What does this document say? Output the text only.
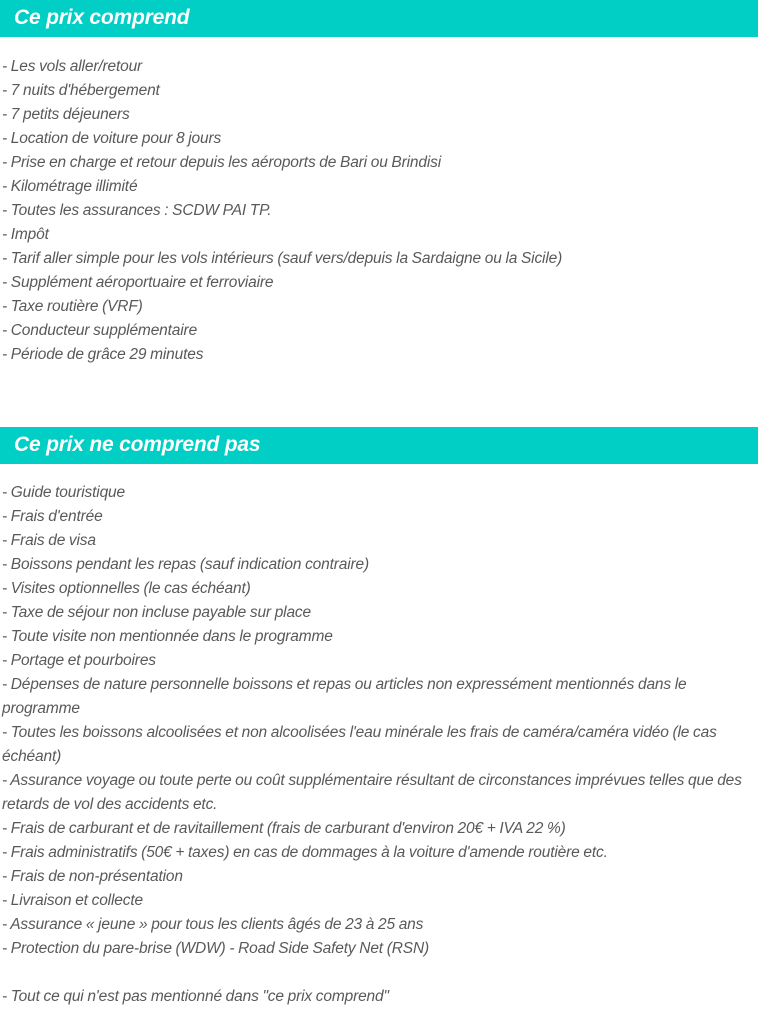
Ce prix comprend
- Les vols aller/retour
- 7 nuits d'hébergement
- 7 petits déjeuners
- Location de voiture pour 8 jours
- Prise en charge et retour depuis les aéroports de Bari ou Brindisi
- Kilométrage illimité
- Toutes les assurances : SCDW PAI TP.
- Impôt
- Tarif aller simple pour les vols intérieurs (sauf vers/depuis la Sardaigne ou la Sicile)
- Supplément aéroportuaire et ferroviaire
- Taxe routière (VRF)
- Conducteur supplémentaire
- Période de grâce 29 minutes
Ce prix ne comprend pas
- Guide touristique
- Frais d'entrée
- Frais de visa
- Boissons pendant les repas (sauf indication contraire)
- Visites optionnelles (le cas échéant)
- Taxe de séjour non incluse payable sur place
- Toute visite non mentionnée dans le programme
- Portage et pourboires
- Dépenses de nature personnelle boissons et repas ou articles non expressément mentionnés dans le programme
- Toutes les boissons alcoolisées et non alcoolisées l'eau minérale les frais de caméra/caméra vidéo (le cas échéant)
- Assurance voyage ou toute perte ou coût supplémentaire résultant de circonstances imprévues telles que des retards de vol des accidents etc.
- Frais de carburant et de ravitaillement (frais de carburant d'environ 20€ + IVA 22 %)
- Frais administratifs (50€ + taxes) en cas de dommages à la voiture d'amende routière etc.
- Frais de non-présentation
- Livraison et collecte
- Assurance « jeune » pour tous les clients âgés de 23 à 25 ans
- Protection du pare-brise (WDW) - Road Side Safety Net (RSN)
- Tout ce qui n'est pas mentionné dans "ce prix comprend"
